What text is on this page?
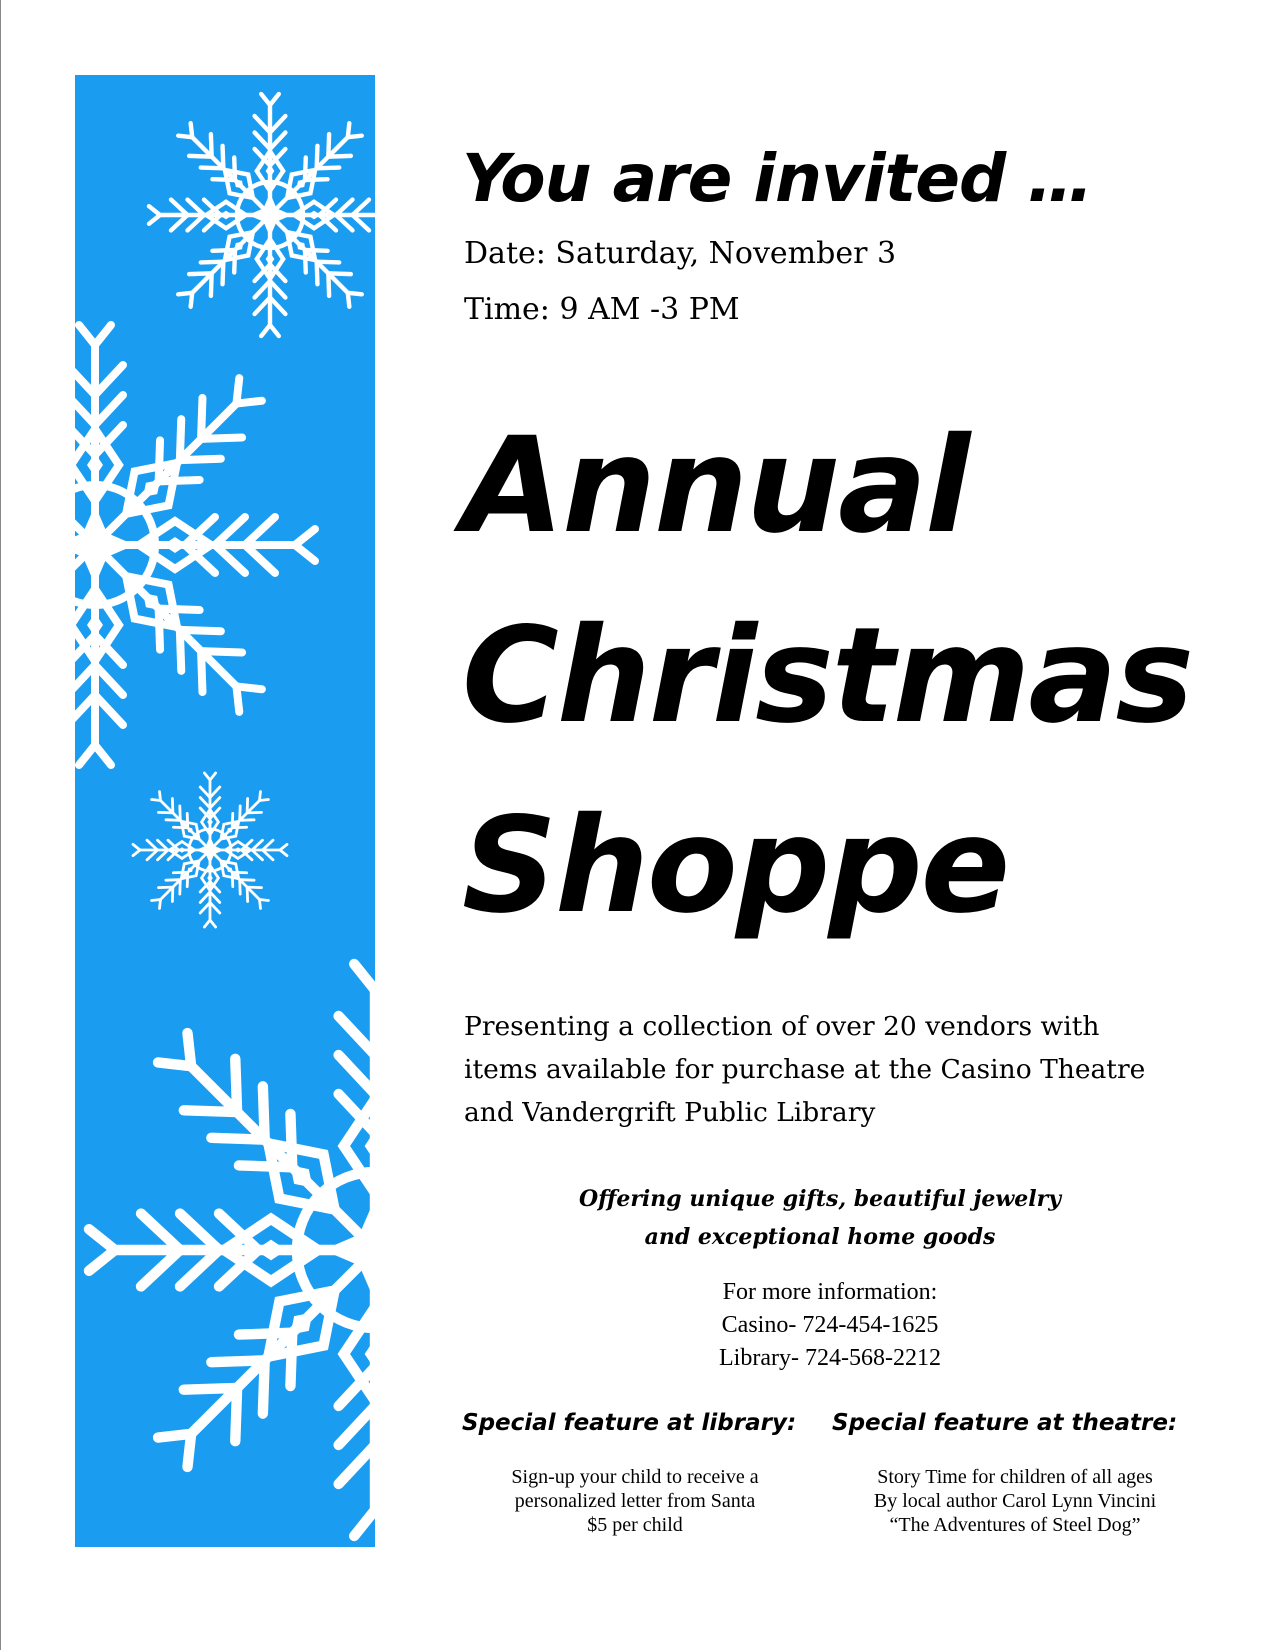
You are invited …
Date: Saturday, November 3
Time: 9 AM -3 PM
Annual
Christmas
Shoppe
Presenting a collection of over 20 vendors with
items available for purchase at the Casino Theatre
and Vandergrift Public Library
Offering unique gifts, beautiful jewelry
and exceptional home goods
For more information:
Casino- 724-454-1625
Library- 724-568-2212
Special feature at library: Special feature at theatre:
Sign-up your child to receive a
personalized letter from Santa
$5 per child
Story Time for children of all ages
By local author Carol Lynn Vincini
“The Adventures of Steel Dog”
